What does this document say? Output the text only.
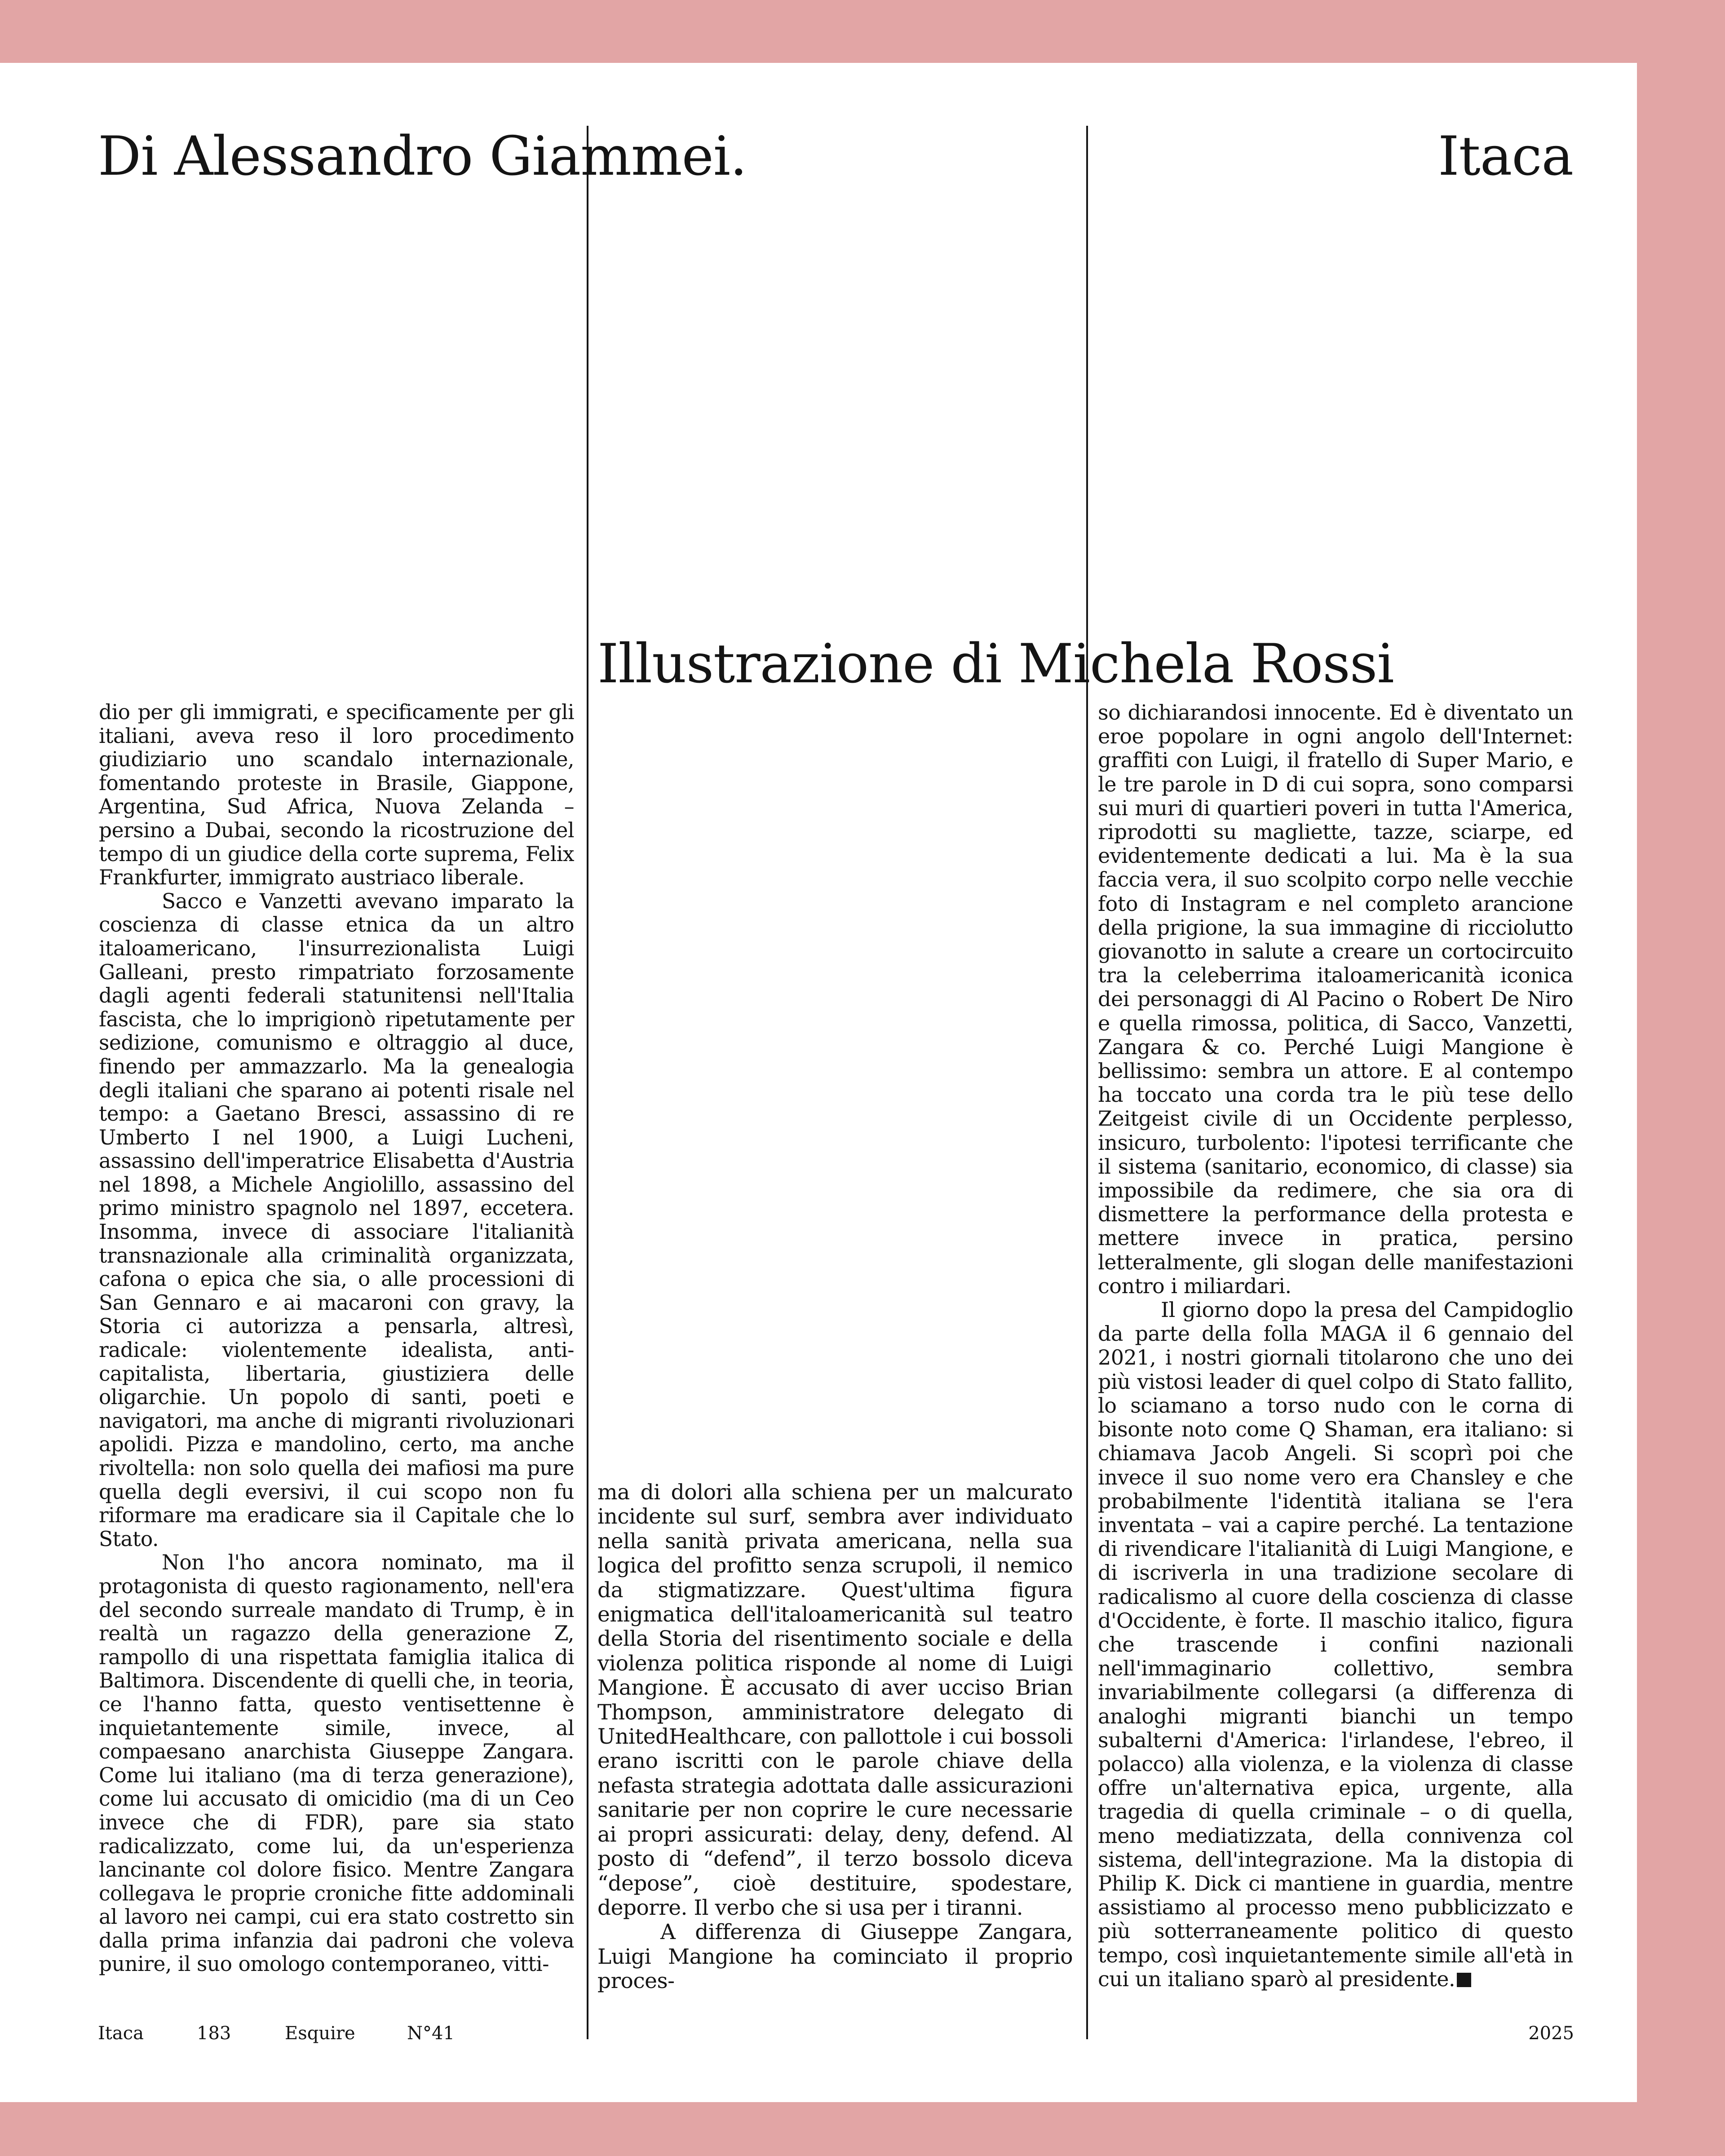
Di Alessandro Giammei.	Itaca
Illustrazione di Michela Rossi

dio per gli immigrati, e specificamente per gli italiani, aveva reso il loro procedimento giudiziario uno scandalo internazionale, fomentando proteste in Brasile, Giappone, Argentina, Sud Africa, Nuova Zelanda – persino a Dubai, secondo la ricostruzione del tempo di un giudice della corte suprema, Felix Frankfurter, immigrato austriaco liberale.

Sacco e Vanzetti avevano imparato la coscienza di classe etnica da un altro italoamericano, l'insurrezionalista Luigi Galleani, presto rimpatriato forzosamente dagli agenti federali statunitensi nell'Italia fascista, che lo imprigionò ripetutamente per sedizione, comunismo e oltraggio al duce, finendo per ammazzarlo. Ma la genealogia degli italiani che sparano ai potenti risale nel tempo: a Gaetano Bresci, assassino di re Umberto I nel 1900, a Luigi Lucheni, assassino dell'imperatrice Elisabetta d'Austria nel 1898, a Michele Angiolillo, assassino del primo ministro spagnolo nel 1897, eccetera. Insomma, invece di associare l'italianità transnazionale alla criminalità organizzata, cafona o epica che sia, o alle processioni di San Gennaro e ai macaroni con gravy, la Storia ci autorizza a pensarla, altresì, radicale: violentemente idealista, anti-capitalista, libertaria, giustiziera delle oligarchie. Un popolo di santi, poeti e navigatori, ma anche di migranti rivoluzionari apolidi. Pizza e mandolino, certo, ma anche rivoltella: non solo quella dei mafiosi ma pure quella degli eversivi, il cui scopo non fu riformare ma eradicare sia il Capitale che lo Stato.

Non l'ho ancora nominato, ma il protagonista di questo ragionamento, nell'era del secondo surreale mandato di Trump, è in realtà un ragazzo della generazione Z, rampollo di una rispettata famiglia italica di Baltimora. Discendente di quelli che, in teoria, ce l'hanno fatta, questo ventisettenne è inquietantemente simile, invece, al compaesano anarchista Giuseppe Zangara. Come lui italiano (ma di terza generazione), come lui accusato di omicidio (ma di un Ceo invece che di FDR), pare sia stato radicalizzato, come lui, da un'esperienza lancinante col dolore fisico. Mentre Zangara collegava le proprie croniche fitte addominali al lavoro nei campi, cui era stato costretto sin dalla prima infanzia dai padroni che voleva punire, il suo omologo contemporaneo, vitti-

ma di dolori alla schiena per un malcurato incidente sul surf, sembra aver individuato nella sanità privata americana, nella sua logica del profitto senza scrupoli, il nemico da stigmatizzare. Quest'ultima figura enigmatica dell'italoamericanità sul teatro della Storia del risentimento sociale e della violenza politica risponde al nome di Luigi Mangione. È accusato di aver ucciso Brian Thompson, amministratore delegato di UnitedHealthcare, con pallottole i cui bossoli erano iscritti con le parole chiave della nefasta strategia adottata dalle assicurazioni sanitarie per non coprire le cure necessarie ai propri assicurati: delay, deny, defend. Al posto di “defend”, il terzo bossolo diceva “depose”, cioè destituire, spodestare, deporre. Il verbo che si usa per i tiranni.

A differenza di Giuseppe Zangara, Luigi Mangione ha cominciato il proprio proces-

so dichiarandosi innocente. Ed è diventato un eroe popolare in ogni angolo dell'Internet: graffiti con Luigi, il fratello di Super Mario, e le tre parole in D di cui sopra, sono comparsi sui muri di quartieri poveri in tutta l'America, riprodotti su magliette, tazze, sciarpe, ed evidentemente dedicati a lui. Ma è la sua faccia vera, il suo scolpito corpo nelle vecchie foto di Instagram e nel completo arancione della prigione, la sua immagine di ricciolutto giovanotto in salute a creare un cortocircuito tra la celeberrima italoamericanità iconica dei personaggi di Al Pacino o Robert De Niro e quella rimossa, politica, di Sacco, Vanzetti, Zangara & co. Perché Luigi Mangione è bellissimo: sembra un attore. E al contempo ha toccato una corda tra le più tese dello Zeitgeist civile di un Occidente perplesso, insicuro, turbolento: l'ipotesi terrificante che il sistema (sanitario, economico, di classe) sia impossibile da redimere, che sia ora di dismettere la performance della protesta e mettere invece in pratica, persino letteralmente, gli slogan delle manifestazioni contro i miliardari.

Il giorno dopo la presa del Campidoglio da parte della folla MAGA il 6 gennaio del 2021, i nostri giornali titolarono che uno dei più vistosi leader di quel colpo di Stato fallito, lo sciamano a torso nudo con le corna di bisonte noto come Q Shaman, era italiano: si chiamava Jacob Angeli. Si scoprì poi che invece il suo nome vero era Chansley e che probabilmente l'identità italiana se l'era inventata – vai a capire perché. La tentazione di rivendicare l'italianità di Luigi Mangione, e di iscriverla in una tradizione secolare di radicalismo al cuore della coscienza di classe d'Occidente, è forte. Il maschio italico, figura che trascende i confini nazionali nell'immaginario collettivo, sembra invariabilmente collegarsi (a differenza di analoghi migranti bianchi un tempo subalterni d'America: l'irlandese, l'ebreo, il polacco) alla violenza, e la violenza di classe offre un'alternativa epica, urgente, alla tragedia di quella criminale – o di quella, meno mediatizzata, della connivenza col sistema, dell'integrazione. Ma la distopia di Philip K. Dick ci mantiene in guardia, mentre assistiamo al processo meno pubblicizzato e più sotterraneamente politico di questo tempo, così inquietantemente simile all'età in cui un italiano sparò al presidente.

Itaca	183	Esquire	N°41	2025
